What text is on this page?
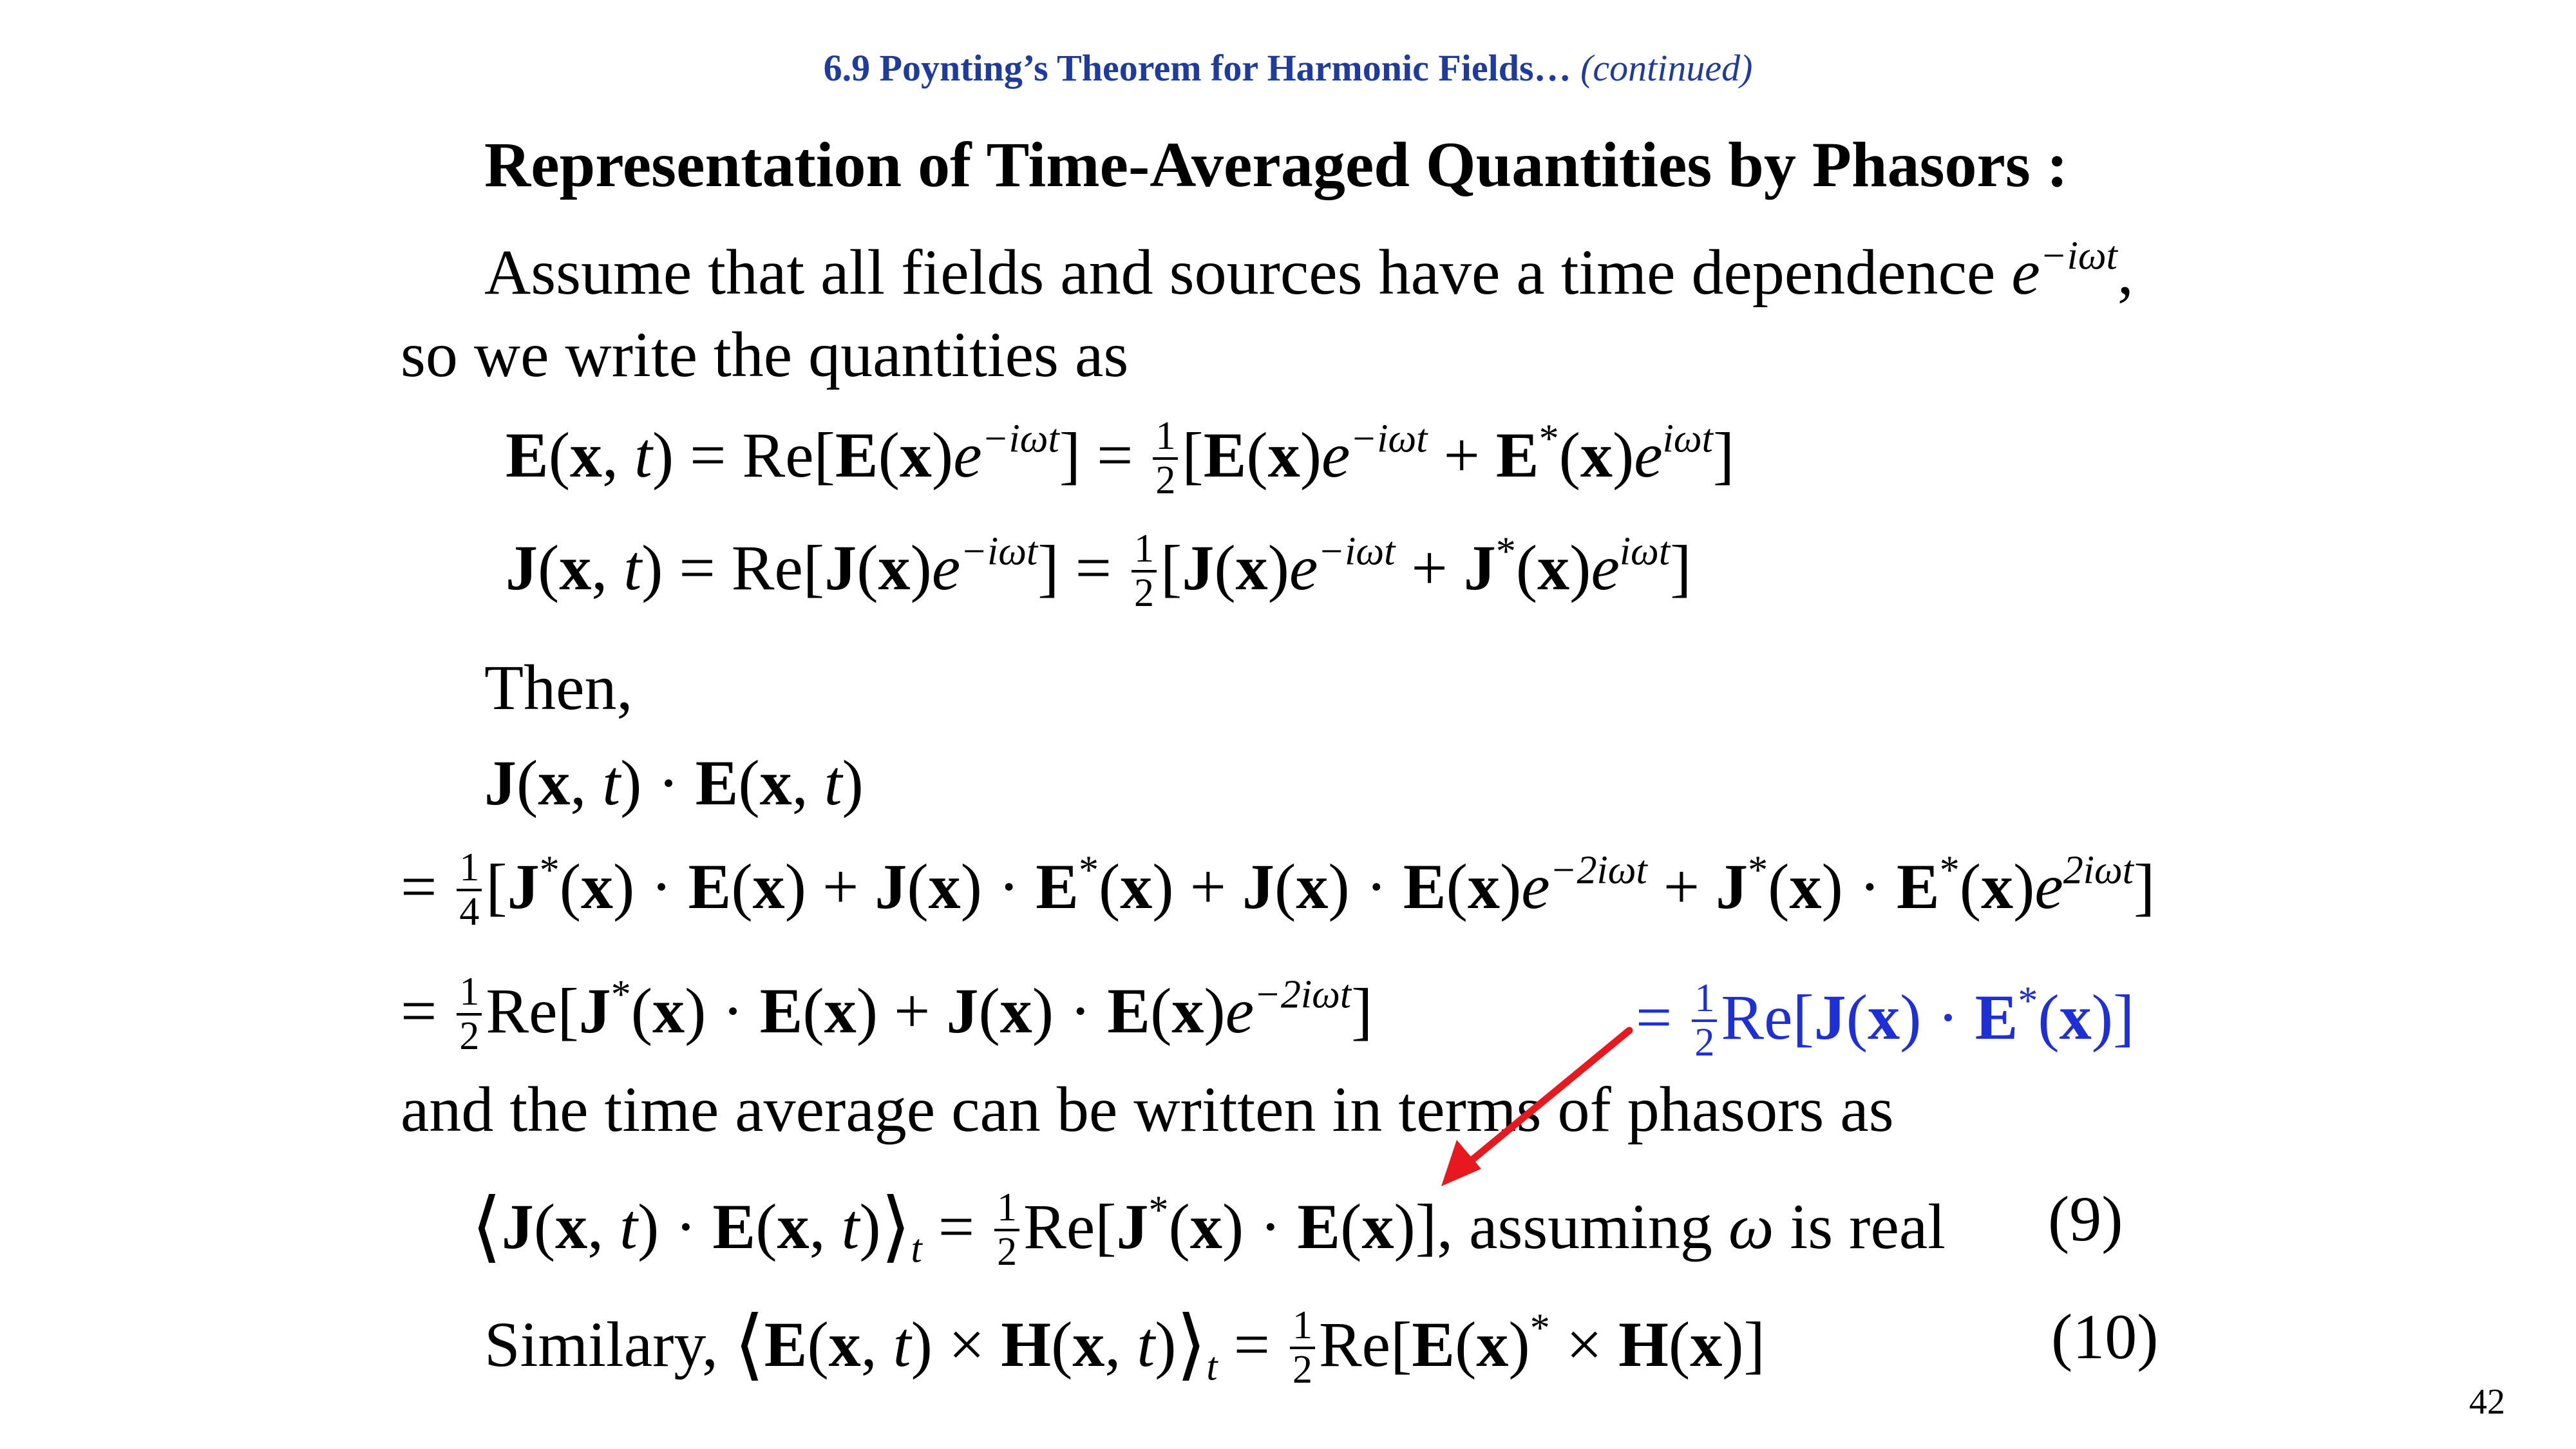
6.9 Poynting’s Theorem for Harmonic Fields… (continued)
Representation of Time-Averaged Quantities by Phasors :
Assume that all fields and sources have a time dependence $e^{-i\omega t}$,
so we write the quantities as
E(x, $t) = Re[E(x)e^{-i\omega t}] = \frac{1}{2} [E(x)e^{-i\omega t} + E^*(x)e^{i\omega t}]$
J(x, $t) = Re[J(x)e^{-i\omega t}] = \frac{1}{2} [J(x)e^{-i\omega t} + J^*(x)e^{i\omega t}]$
Then,
J(x, t) · E(x, t)
= $\frac{1}{4} [J^*(x) \cdot E(x) + J(x) \cdot E^*(x) + J(x) \cdot E(x)e^{-2i\omega t} + J^*(x) \cdot E^*(x)e^{2i\omega t}]$
= $\frac{1}{2} Re[J^*(x) \cdot E(x) + J(x) \cdot E(x)e^{-2i\omega t}]$	= $\frac{1}{2} Re[J(x) \cdot E^*(x)]$
and the time average can be written in terms of phasors as
⟨J(x, t) · E(x, $t)⟩_t = \frac{1}{2} Re[J^*(x) \cdot E(x)]$, assuming ω is real (9)
Similary, ⟨E(x, t) × H(x, $t)⟩_t = \frac{1}{2} Re[E(x)^* \times H(x)]$	(10)
42
